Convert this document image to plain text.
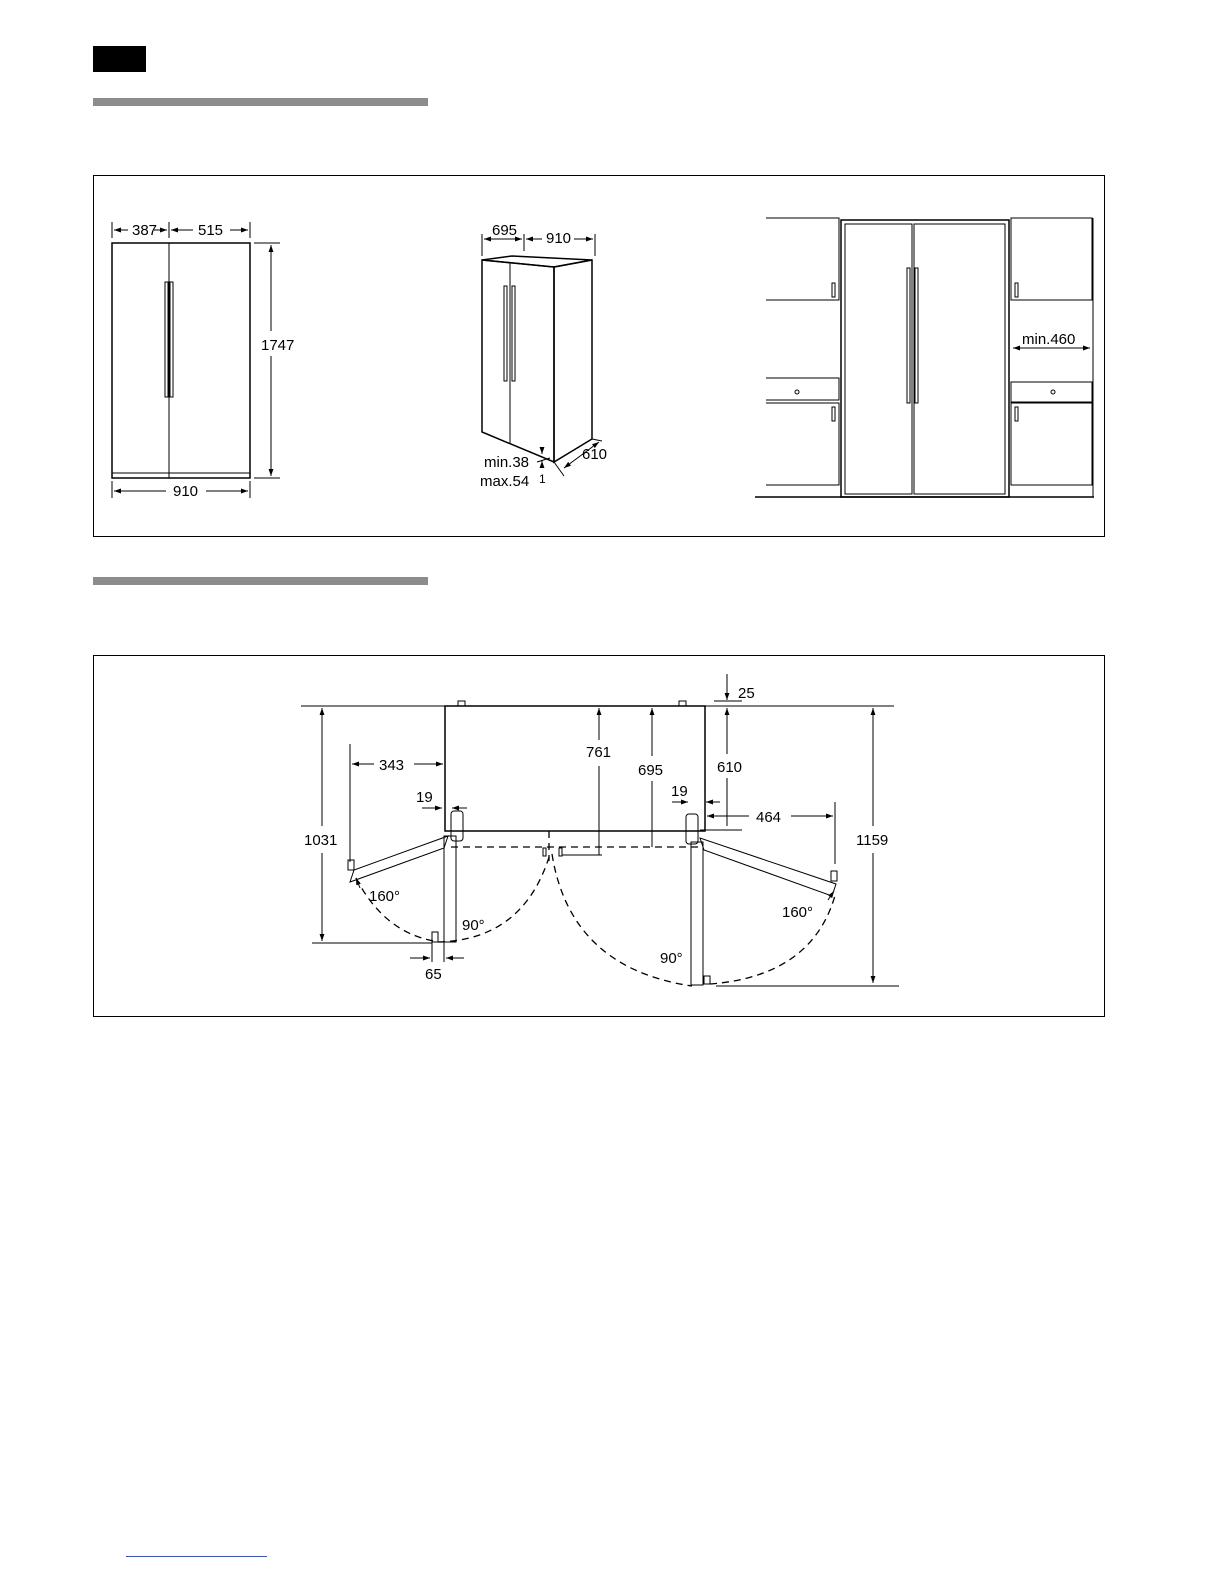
387	515
1747
910
695 910
min.38
max.54 1
610
min.460
25
761
695	610
19	19
343
464
1031	1159
160°
160°
90°
90°
65
